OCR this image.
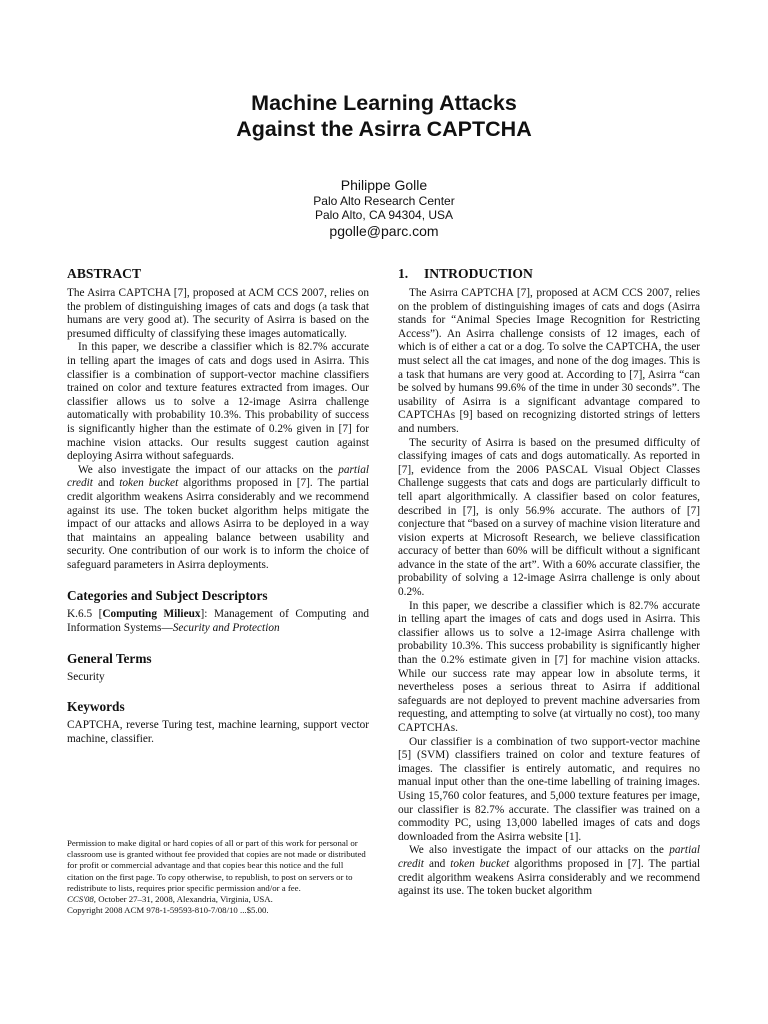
Machine Learning Attacks
Against the Asirra CAPTCHA
Philippe Golle
Palo Alto Research Center
Palo Alto, CA 94304, USA
pgolle@parc.com
ABSTRACT

The Asirra CAPTCHA [7], proposed at ACM CCS 2007, relies on the problem of distinguishing images of cats and dogs (a task that humans are very good at). The security of Asirra is based on the presumed difficulty of classifying these images automatically.

In this paper, we describe a classifier which is 82.7% accurate in telling apart the images of cats and dogs used in Asirra. This classifier is a combination of support-vector machine classifiers trained on color and texture features extracted from images. Our classifier allows us to solve a 12-image Asirra challenge automatically with probability 10.3%. This probability of success is significantly higher than the estimate of 0.2% given in [7] for machine vision attacks. Our results suggest caution against deploying Asirra without safeguards.

We also investigate the impact of our attacks on the partial credit and token bucket algorithms proposed in [7]. The partial credit algorithm weakens Asirra considerably and we recommend against its use. The token bucket algorithm helps mitigate the impact of our attacks and allows Asirra to be deployed in a way that maintains an appealing balance between usability and security. One contribution of our work is to inform the choice of safeguard parameters in Asirra deployments.

Categories and Subject Descriptors

K.6.5 [Computing Milieux]: Management of Computing and Information Systems—Security and Protection

General Terms

Security

Keywords

CAPTCHA, reverse Turing test, machine learning, support vector machine, classifier.

Permission to make digital or hard copies of all or part of this work for personal or classroom use is granted without fee provided that copies are not made or distributed for profit or commercial advantage and that copies bear this notice and the full citation on the first page. To copy otherwise, to republish, to post on servers or to redistribute to lists, requires prior specific permission and/or a fee.

CCS'08, October 27–31, 2008, Alexandria, Virginia, USA.

Copyright 2008 ACM 978-1-59593-810-7/08/10 ...$5.00.

1. INTRODUCTION

The Asirra CAPTCHA [7], proposed at ACM CCS 2007, relies on the problem of distinguishing images of cats and dogs (Asirra stands for “Animal Species Image Recognition for Restricting Access”). An Asirra challenge consists of 12 images, each of which is of either a cat or a dog. To solve the CAPTCHA, the user must select all the cat images, and none of the dog images. This is a task that humans are very good at. According to [7], Asirra “can be solved by humans 99.6% of the time in under 30 seconds”. The usability of Asirra is a significant advantage compared to CAPTCHAs [9] based on recognizing distorted strings of letters and numbers.

The security of Asirra is based on the presumed difficulty of classifying images of cats and dogs automatically. As reported in [7], evidence from the 2006 PASCAL Visual Object Classes Challenge suggests that cats and dogs are particularly difficult to tell apart algorithmically. A classifier based on color features, described in [7], is only 56.9% accurate. The authors of [7] conjecture that “based on a survey of machine vision literature and vision experts at Microsoft Research, we believe classification accuracy of better than 60% will be difficult without a significant advance in the state of the art”. With a 60% accurate classifier, the probability of solving a 12-image Asirra challenge is only about 0.2%.

In this paper, we describe a classifier which is 82.7% accurate in telling apart the images of cats and dogs used in Asirra. This classifier allows us to solve a 12-image Asirra challenge with probability 10.3%. This success probability is significantly higher than the 0.2% estimate given in [7] for machine vision attacks. While our success rate may appear low in absolute terms, it nevertheless poses a serious threat to Asirra if additional safeguards are not deployed to prevent machine adversaries from requesting, and attempting to solve (at virtually no cost), too many CAPTCHAs.

Our classifier is a combination of two support-vector machine [5] (SVM) classifiers trained on color and texture features of images. The classifier is entirely automatic, and requires no manual input other than the one-time labelling of training images. Using 15,760 color features, and 5,000 texture features per image, our classifier is 82.7% accurate. The classifier was trained on a commodity PC, using 13,000 labelled images of cats and dogs downloaded from the Asirra website [1].

We also investigate the impact of our attacks on the partial credit and token bucket algorithms proposed in [7]. The partial credit algorithm weakens Asirra considerably and we recommend against its use. The token bucket algorithm
